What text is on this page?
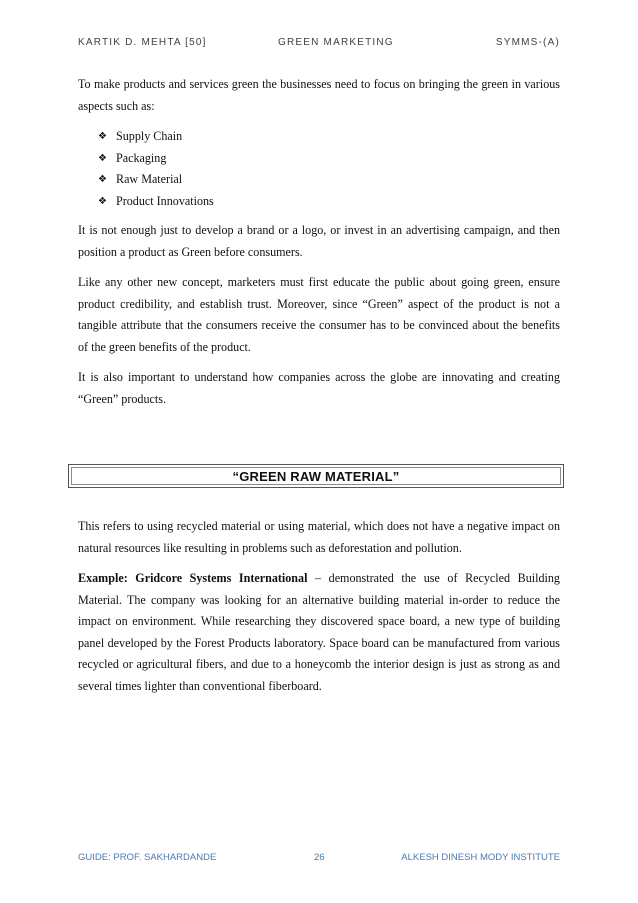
KARTIK D. MEHTA [50]	GREEN MARKETING	SYMMS-(A)

To make products and services green the businesses need to focus on bringing the green in various aspects such as:

❖ Supply Chain
❖ Packaging
❖ Raw Material
❖ Product Innovations

It is not enough just to develop a brand or a logo, or invest in an advertising campaign, and then position a product as Green before consumers.

Like any other new concept, marketers must first educate the public about going green, ensure product credibility, and establish trust. Moreover, since “Green” aspect of the product is not a tangible attribute that the consumers receive the consumer has to be convinced about the benefits of the green benefits of the product.

It is also important to understand how companies across the globe are innovating and creating “Green” products.

“GREEN RAW MATERIAL”

This refers to using recycled material or using material, which does not have a negative impact on natural resources like resulting in problems such as deforestation and pollution.

Example: Gridcore Systems International – demonstrated the use of Recycled Building Material. The company was looking for an alternative building material in-order to reduce the impact on environment. While researching they discovered space board, a new type of building panel developed by the Forest Products laboratory. Space board can be manufactured from various recycled or agricultural fibers, and due to a honeycomb the interior design is just as strong as and several times lighter than conventional fiberboard.

GUIDE: PROF. SAKHARDANDE	26	ALKESH DINESH MODY INSTITUTE
